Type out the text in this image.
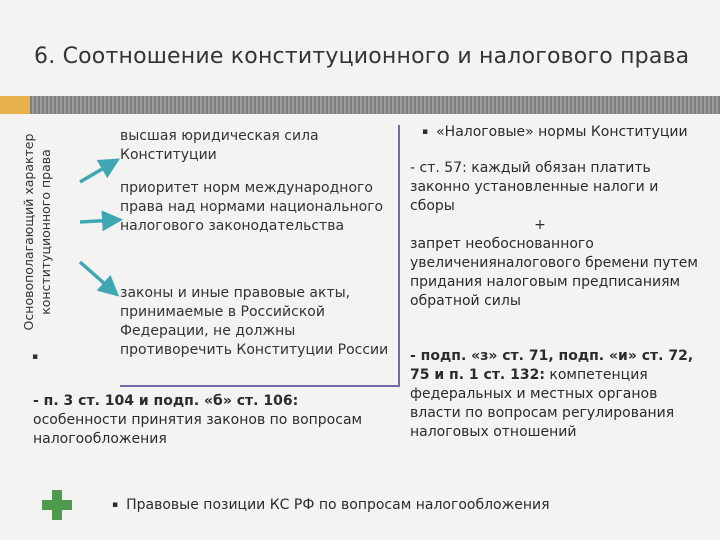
6. Соотношение конституционного и налогового права
Основополагающий характер конституционного права
▪
высшая юридическая сила Конституции
приоритет норм международного права над нормами национального налогового законодательства
законы и иные правовые акты, принимаемые в Российской Федерации, не должны противоречить Конституции России
- п. 3 ст. 104 и подп. «б» ст. 106:
особенности принятия законов по вопросам налогообложения
▪ «Налоговые» нормы Конституции
- ст. 57: каждый обязан платить законно установленные налоги и сборы
+
запрет необоснованного увеличенияналогового бремени путем придания налоговым предписаниям обратной силы
- подп. «з» ст. 71, подп. «и» ст. 72, 75 и п. 1 ст. 132: компетенция федеральных и местных органов власти по вопросам регулирования налоговых отношений
▪ Правовые позиции КС РФ по вопросам налогообложения
